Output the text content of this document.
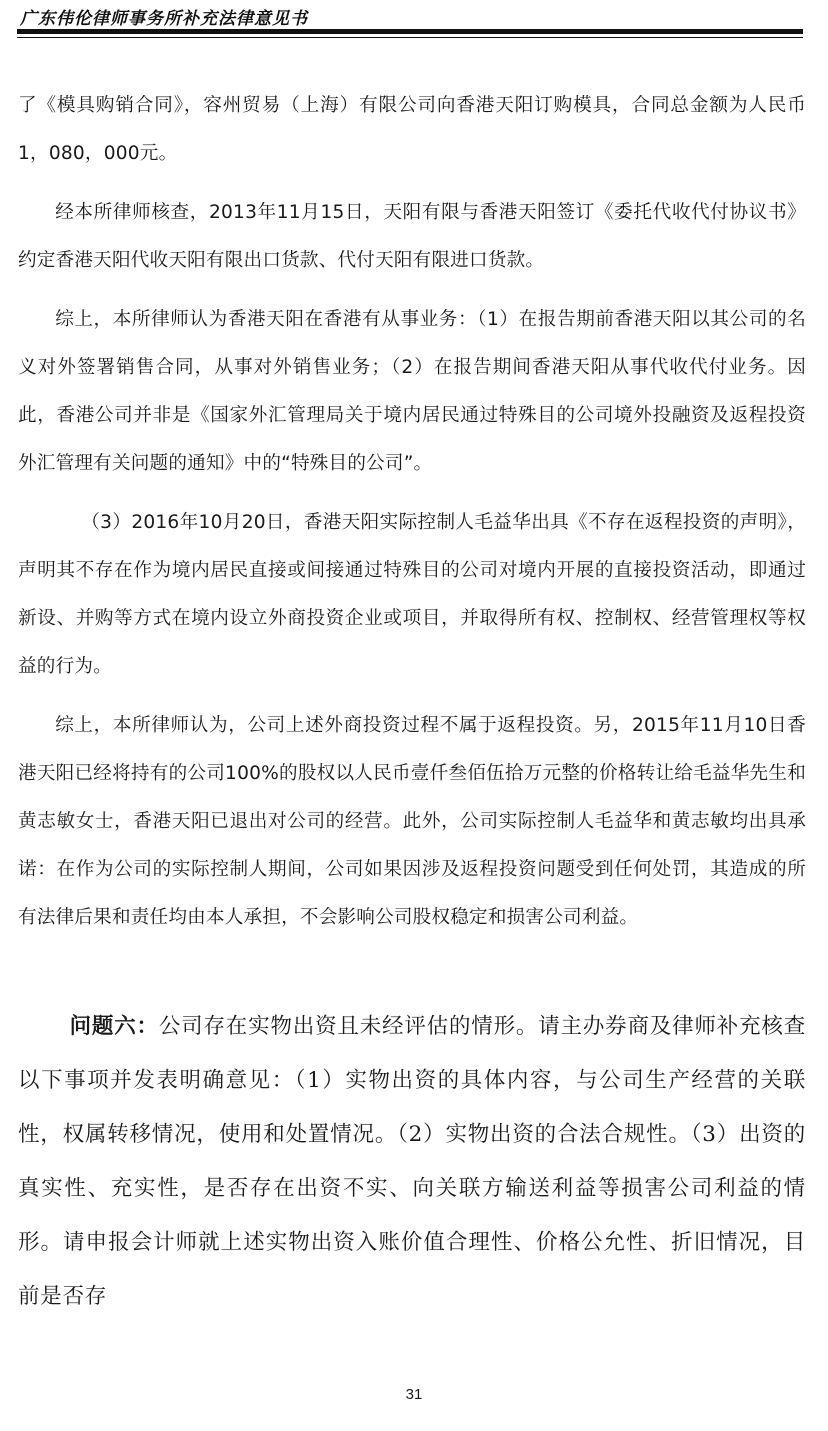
广东伟伦律师事务所补充法律意见书

了《模具购销合同》，容州贸易（上海）有限公司向香港天阳订购模具，合同总金额为人民币1，080，000元。

经本所律师核查，2013年11月15日，天阳有限与香港天阳签订《委托代收代付协议书》约定香港天阳代收天阳有限出口货款、代付天阳有限进口货款。

综上，本所律师认为香港天阳在香港有从事业务：（1）在报告期前香港天阳以其公司的名义对外签署销售合同，从事对外销售业务；（2）在报告期间香港天阳从事代收代付业务。因此，香港公司并非是《国家外汇管理局关于境内居民通过特殊目的公司境外投融资及返程投资外汇管理有关问题的通知》中的“特殊目的公司”。

（3）2016年10月20日，香港天阳实际控制人毛益华出具《不存在返程投资的声明》，声明其不存在作为境内居民直接或间接通过特殊目的公司对境内开展的直接投资活动，即通过新设、并购等方式在境内设立外商投资企业或项目，并取得所有权、控制权、经营管理权等权益的行为。

综上，本所律师认为，公司上述外商投资过程不属于返程投资。另，2015年11月10日香港天阳已经将持有的公司100%的股权以人民币壹仟叁佰伍拾万元整的价格转让给毛益华先生和黄志敏女士，香港天阳已退出对公司的经营。此外，公司实际控制人毛益华和黄志敏均出具承诺：在作为公司的实际控制人期间，公司如果因涉及返程投资问题受到任何处罚，其造成的所有法律后果和责任均由本人承担，不会影响公司股权稳定和损害公司利益。

问题六：公司存在实物出资且未经评估的情形。请主办券商及律师补充核查以下事项并发表明确意见：（1）实物出资的具体内容，与公司生产经营的关联性，权属转移情况，使用和处置情况。（2）实物出资的合法合规性。（3）出资的真实性、充实性，是否存在出资不实、向关联方输送利益等损害公司利益的情形。请申报会计师就上述实物出资入账价值合理性、价格公允性、折旧情况，目前是否存

31
